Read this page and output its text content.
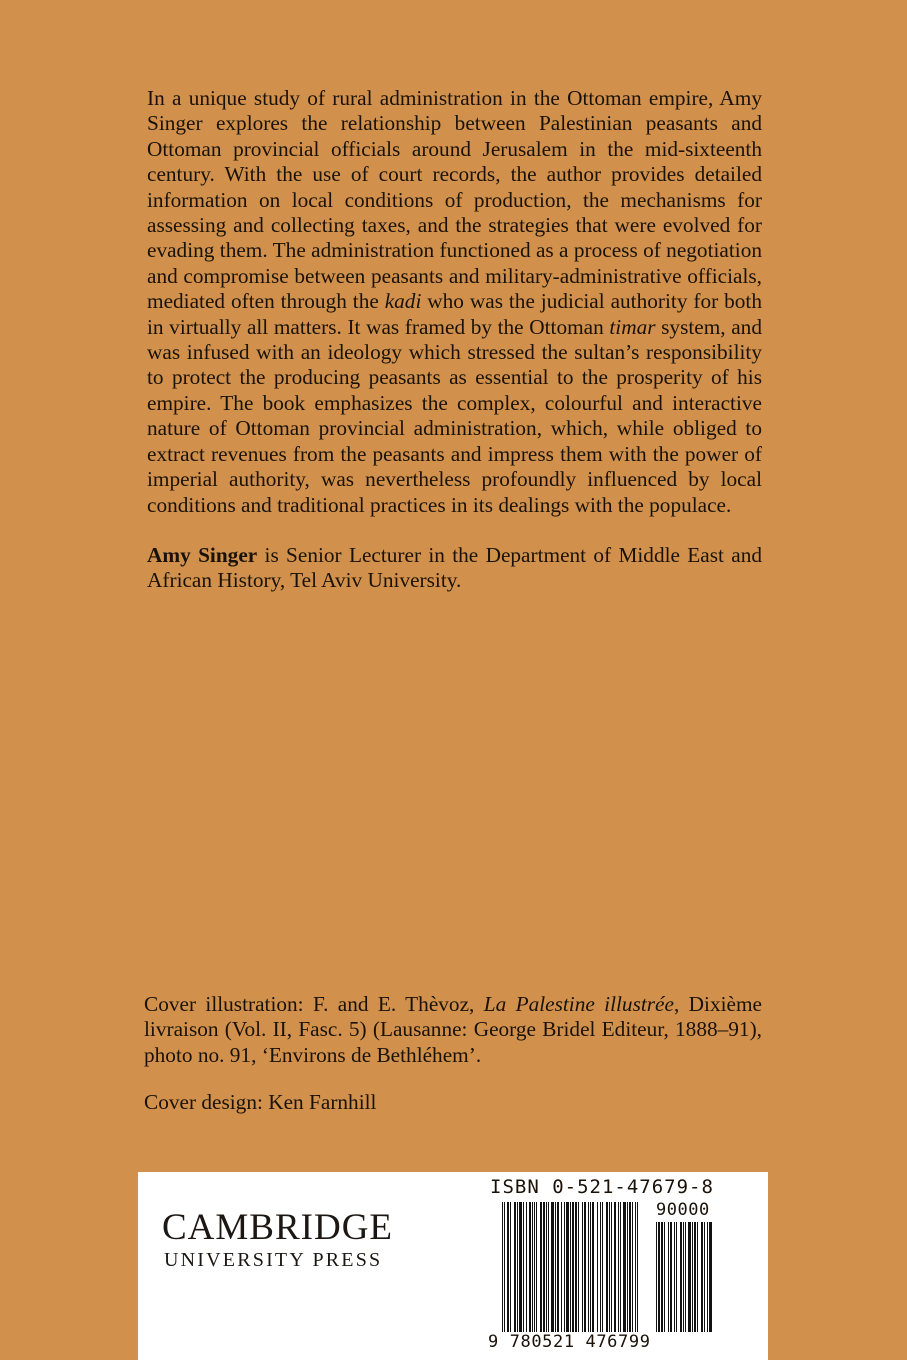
In a unique study of rural administration in the Ottoman empire, Amy Singer explores the relationship between Palestinian peasants and Ottoman provincial officials around Jerusalem in the mid-sixteenth century. With the use of court records, the author provides detailed information on local conditions of production, the mechanisms for assessing and collecting taxes, and the strategies that were evolved for evading them. The administration functioned as a process of negotiation and compromise between peasants and military-administrative officials, mediated often through the kadi who was the judicial authority for both in virtually all matters. It was framed by the Ottoman timar system, and was infused with an ideology which stressed the sultan’s responsibility to protect the producing peasants as essential to the prosperity of his empire. The book emphasizes the complex, colourful and interactive nature of Ottoman provincial administration, which, while obliged to extract revenues from the peasants and impress them with the power of imperial authority, was nevertheless profoundly influenced by local conditions and traditional practices in its dealings with the populace.

Amy Singer is Senior Lecturer in the Department of Middle East and African History, Tel Aviv University.

Cover illustration: F. and E. Thèvoz, La Palestine illustrée, Dixième livraison (Vol. II, Fasc. 5) (Lausanne: George Bridel Editeur, 1888–91), photo no. 91, ‘Environs de Bethléhem’.

Cover design: Ken Farnhill

CAMBRIDGE
UNIVERSITY PRESS
ISBN 0-521-47679-8
90000
9 780521 476799
